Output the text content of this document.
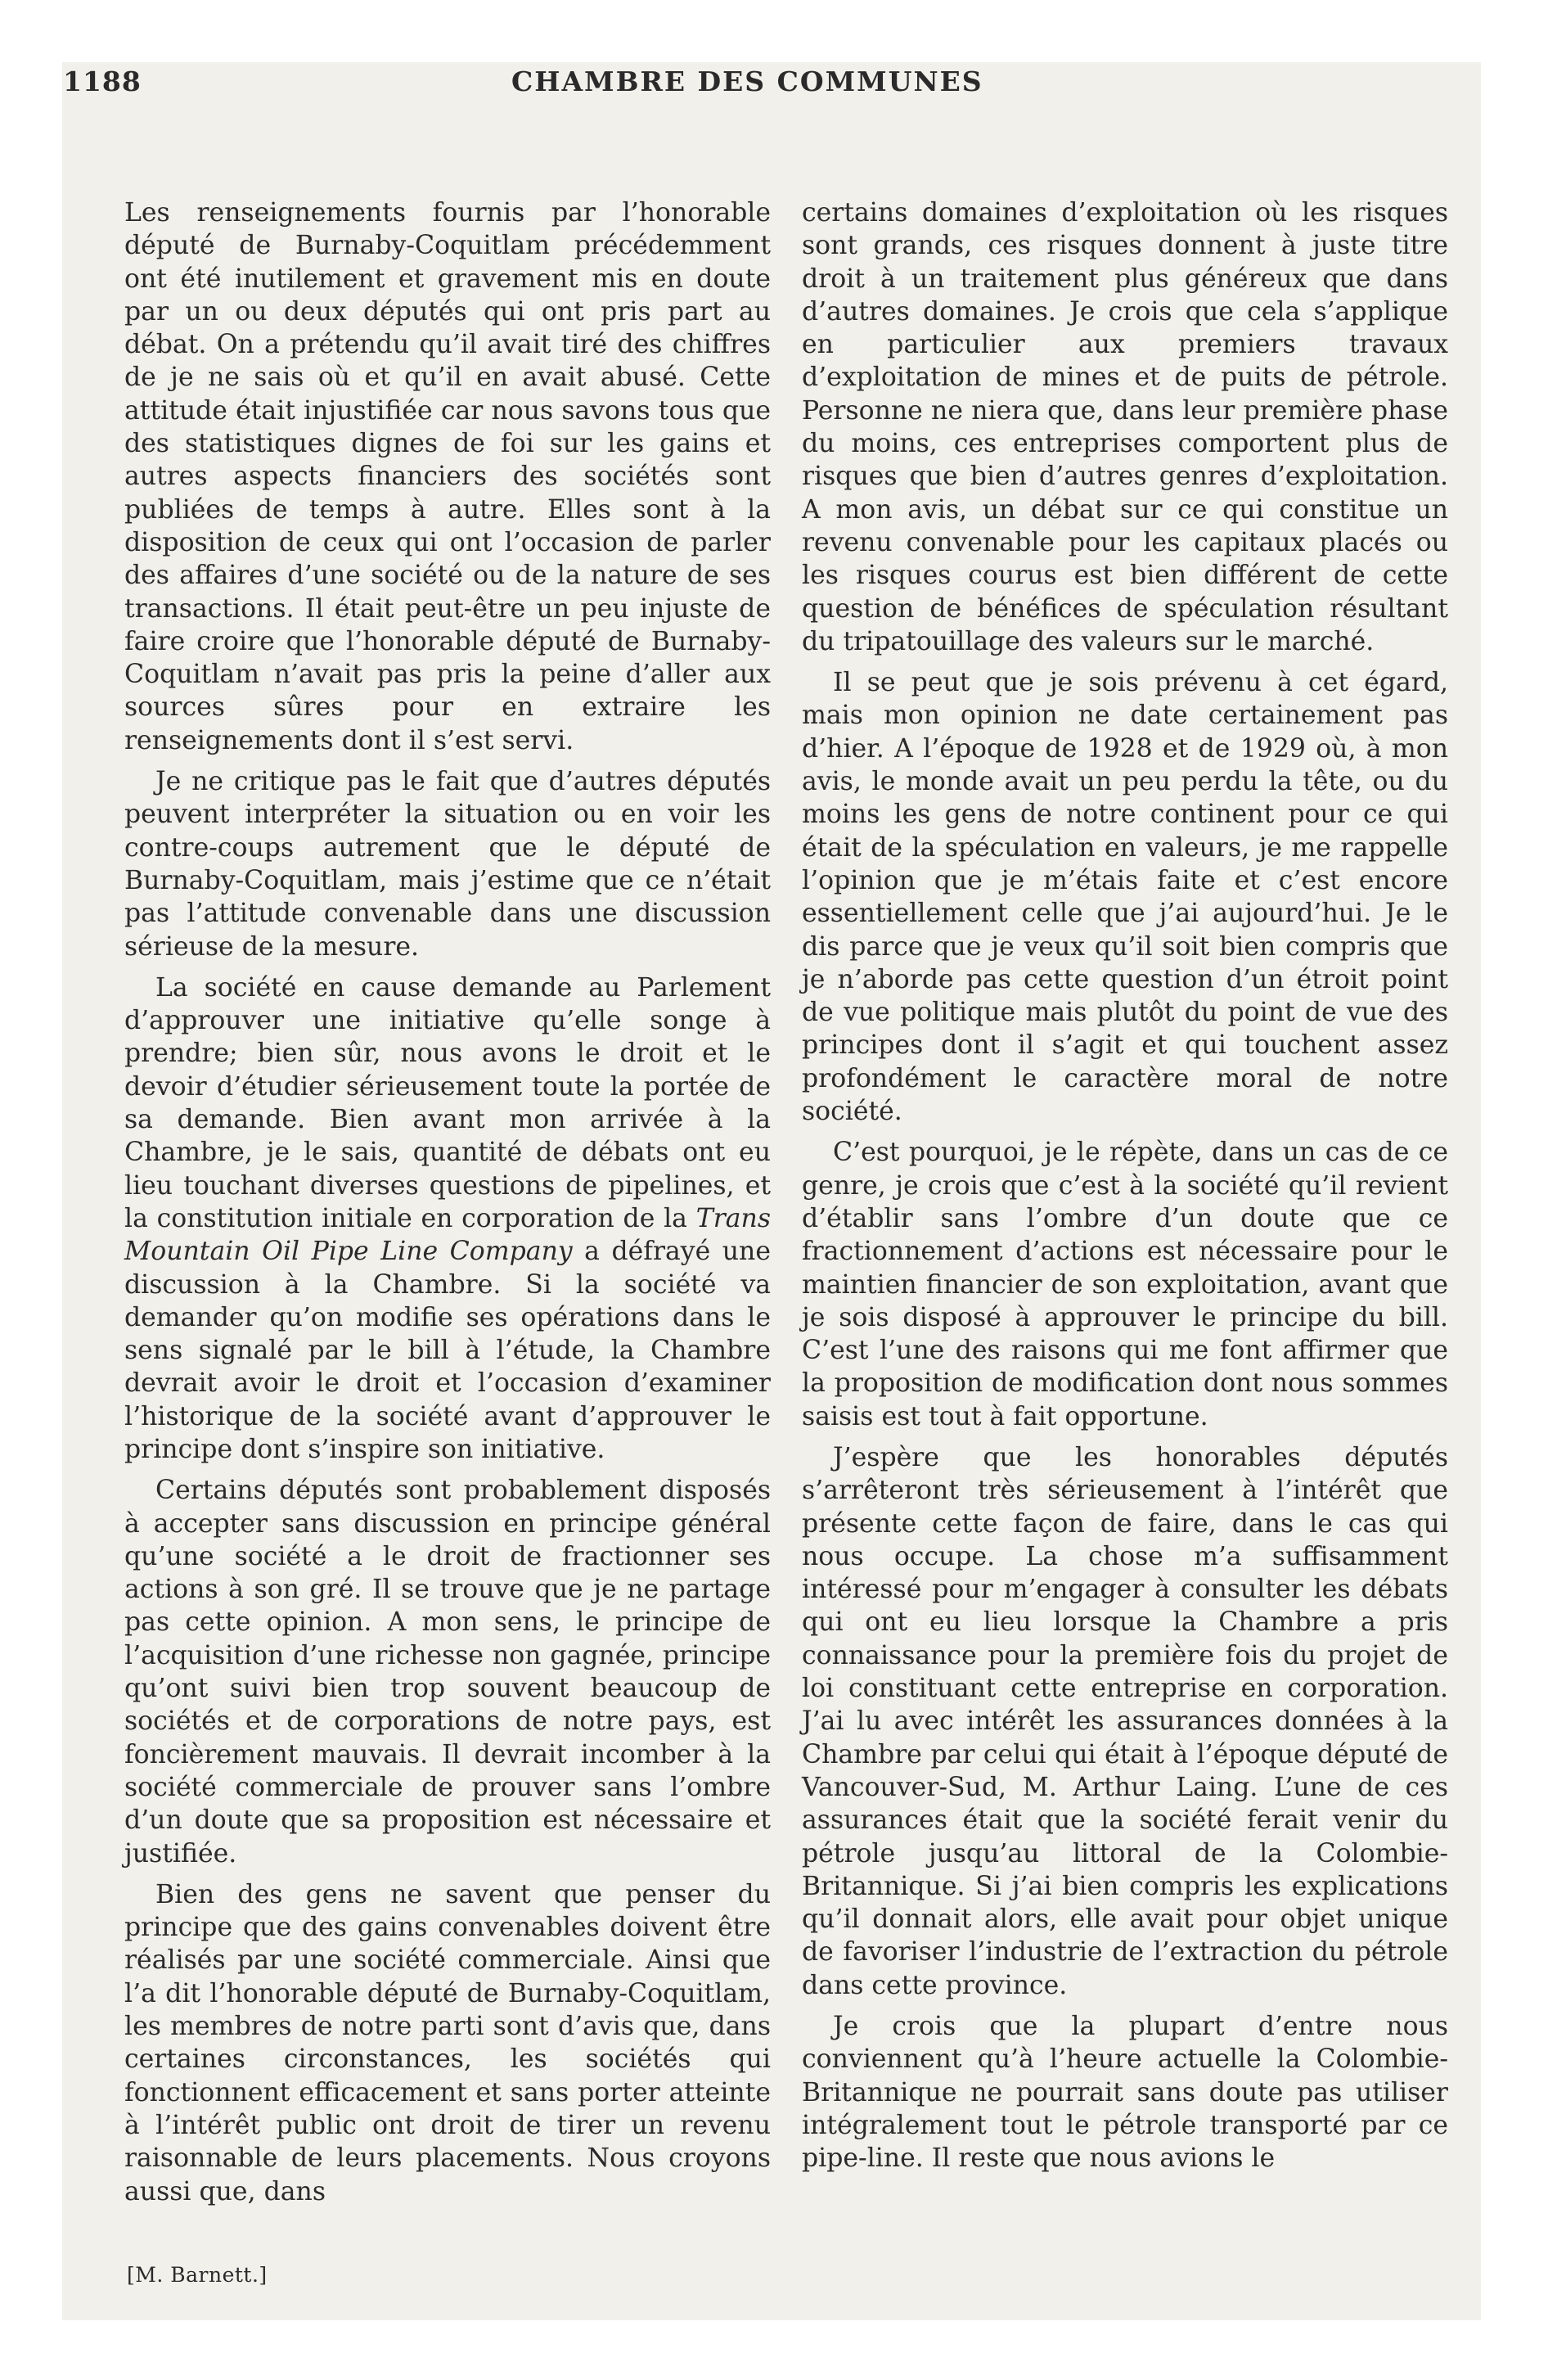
1188	CHAMBRE DES COMMUNES

Les renseignements fournis par l’honorable député de Burnaby-Coquitlam précédemment ont été inutilement et gravement mis en doute par un ou deux députés qui ont pris part au débat. On a prétendu qu’il avait tiré des chiffres de je ne sais où et qu’il en avait abusé. Cette attitude était injustifiée car nous savons tous que des statistiques dignes de foi sur les gains et autres aspects financiers des sociétés sont publiées de temps à autre. Elles sont à la disposition de ceux qui ont l’occasion de parler des affaires d’une société ou de la nature de ses transactions. Il était peut-être un peu injuste de faire croire que l’honorable député de Burnaby-Coquitlam n’avait pas pris la peine d’aller aux sources sûres pour en extraire les renseignements dont il s’est servi.

Je ne critique pas le fait que d’autres députés peuvent interpréter la situation ou en voir les contre-coups autrement que le député de Burnaby-Coquitlam, mais j’estime que ce n’était pas l’attitude convenable dans une discussion sérieuse de la mesure.

La société en cause demande au Parlement d’approuver une initiative qu’elle songe à prendre; bien sûr, nous avons le droit et le devoir d’étudier sérieusement toute la portée de sa demande. Bien avant mon arrivée à la Chambre, je le sais, quantité de débats ont eu lieu touchant diverses questions de pipelines, et la constitution initiale en corporation de la Trans Mountain Oil Pipe Line Company a défrayé une discussion à la Chambre. Si la société va demander qu’on modifie ses opérations dans le sens signalé par le bill à l’étude, la Chambre devrait avoir le droit et l’occasion d’examiner l’historique de la société avant d’approuver le principe dont s’inspire son initiative.

Certains députés sont probablement disposés à accepter sans discussion en principe général qu’une société a le droit de fractionner ses actions à son gré. Il se trouve que je ne partage pas cette opinion. A mon sens, le principe de l’acquisition d’une richesse non gagnée, principe qu’ont suivi bien trop souvent beaucoup de sociétés et de corporations de notre pays, est foncièrement mauvais. Il devrait incomber à la société commerciale de prouver sans l’ombre d’un doute que sa proposition est nécessaire et justifiée.

Bien des gens ne savent que penser du principe que des gains convenables doivent être réalisés par une société commerciale. Ainsi que l’a dit l’honorable député de Burnaby-Coquitlam, les membres de notre parti sont d’avis que, dans certaines circonstances, les sociétés qui fonctionnent efficacement et sans porter atteinte à l’intérêt public ont droit de tirer un revenu raisonnable de leurs placements. Nous croyons aussi que, dans

certains domaines d’exploitation où les risques sont grands, ces risques donnent à juste titre droit à un traitement plus généreux que dans d’autres domaines. Je crois que cela s’applique en particulier aux premiers travaux d’exploitation de mines et de puits de pétrole. Personne ne niera que, dans leur première phase du moins, ces entreprises comportent plus de risques que bien d’autres genres d’exploitation. A mon avis, un débat sur ce qui constitue un revenu convenable pour les capitaux placés ou les risques courus est bien différent de cette question de bénéfices de spéculation résultant du tripatouillage des valeurs sur le marché.

Il se peut que je sois prévenu à cet égard, mais mon opinion ne date certainement pas d’hier. A l’époque de 1928 et de 1929 où, à mon avis, le monde avait un peu perdu la tête, ou du moins les gens de notre continent pour ce qui était de la spéculation en valeurs, je me rappelle l’opinion que je m’étais faite et c’est encore essentiellement celle que j’ai aujourd’hui. Je le dis parce que je veux qu’il soit bien compris que je n’aborde pas cette question d’un étroit point de vue politique mais plutôt du point de vue des principes dont il s’agit et qui touchent assez profondément le caractère moral de notre société.

C’est pourquoi, je le répète, dans un cas de ce genre, je crois que c’est à la société qu’il revient d’établir sans l’ombre d’un doute que ce fractionnement d’actions est nécessaire pour le maintien financier de son exploitation, avant que je sois disposé à approuver le principe du bill. C’est l’une des raisons qui me font affirmer que la proposition de modification dont nous sommes saisis est tout à fait opportune.

J’espère que les honorables députés s’arrêteront très sérieusement à l’intérêt que présente cette façon de faire, dans le cas qui nous occupe. La chose m’a suffisamment intéressé pour m’engager à consulter les débats qui ont eu lieu lorsque la Chambre a pris connaissance pour la première fois du projet de loi constituant cette entreprise en corporation. J’ai lu avec intérêt les assurances données à la Chambre par celui qui était à l’époque député de Vancouver-Sud, M. Arthur Laing. L’une de ces assurances était que la société ferait venir du pétrole jusqu’au littoral de la Colombie-Britannique. Si j’ai bien compris les explications qu’il donnait alors, elle avait pour objet unique de favoriser l’industrie de l’extraction du pétrole dans cette province.

Je crois que la plupart d’entre nous conviennent qu’à l’heure actuelle la Colombie-Britannique ne pourrait sans doute pas utiliser intégralement tout le pétrole transporté par ce pipe-line. Il reste que nous avions le

[M. Barnett.]
